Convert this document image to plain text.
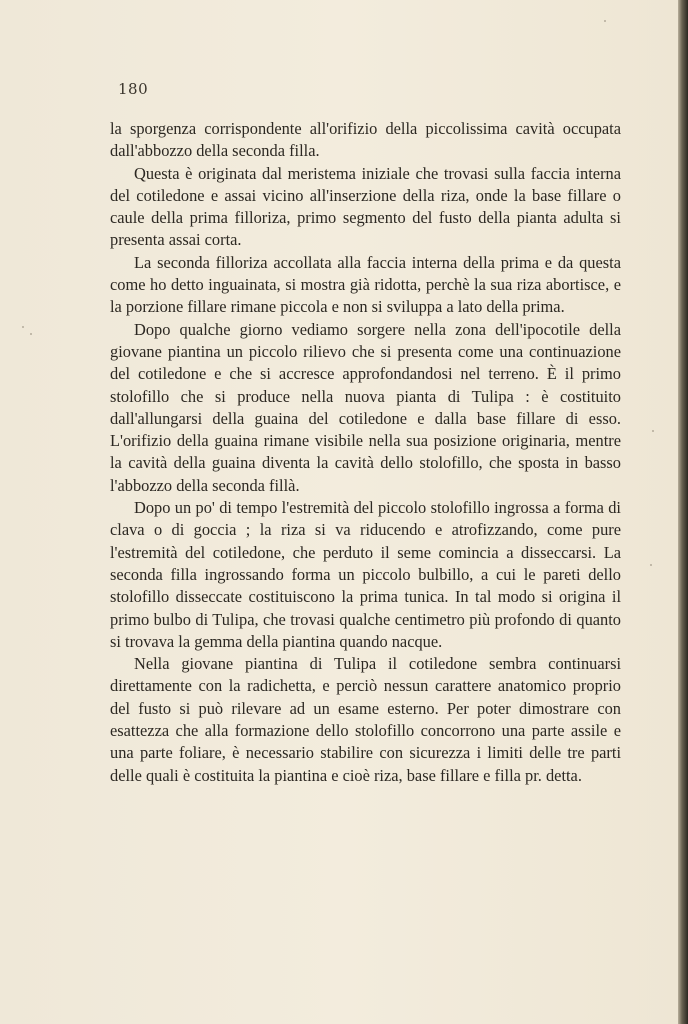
180

la sporgenza corrispondente all'orifizio della piccolissima cavità occupata dall'abbozzo della seconda filla.

Questa è originata dal meristema iniziale che trovasi sulla faccia interna del cotiledone e assai vicino all'inserzione della riza, onde la base fillare o caule della prima filloriza, primo segmento del fusto della pianta adulta si presenta assai corta.

La seconda filloriza accollata alla faccia interna della prima e da questa come ho detto inguainata, si mostra già ridotta, perchè la sua riza abortisce, e la porzione fillare rimane piccola e non si sviluppa a lato della prima.

Dopo qualche giorno vediamo sorgere nella zona dell'ipocotile della giovane piantina un piccolo rilievo che si presenta come una continuazione del cotiledone e che si accresce approfondandosi nel terreno. È il primo stolofillo che si produce nella nuova pianta di Tulipa : è costituito dall'allungarsi della guaina del cotiledone e dalla base fillare di esso. L'orifizio della guaina rimane visibile nella sua posizione originaria, mentre la cavità della guaina diventa la cavità dello stolofillo, che sposta in basso l'abbozzo della seconda fillà.

Dopo un po' di tempo l'estremità del piccolo stolofillo ingrossa a forma di clava o di goccia ; la riza si va riducendo e atrofizzando, come pure l'estremità del cotiledone, che perduto il seme comincia a disseccarsi. La seconda filla ingrossando forma un piccolo bulbillo, a cui le pareti dello stolofillo disseccate costituiscono la prima tunica. In tal modo si origina il primo bulbo di Tulipa, che trovasi qualche centimetro più profondo di quanto si trovava la gemma della piantina quando nacque.

Nella giovane piantina di Tulipa il cotiledone sembra continuarsi direttamente con la radichetta, e perciò nessun carattere anatomico proprio del fusto si può rilevare ad un esame esterno. Per poter dimostrare con esattezza che alla formazione dello stolofillo concorrono una parte assile e una parte foliare, è necessario stabilire con sicurezza i limiti delle tre parti delle quali è costituita la piantina e cioè riza, base fillare e filla pr. detta.
